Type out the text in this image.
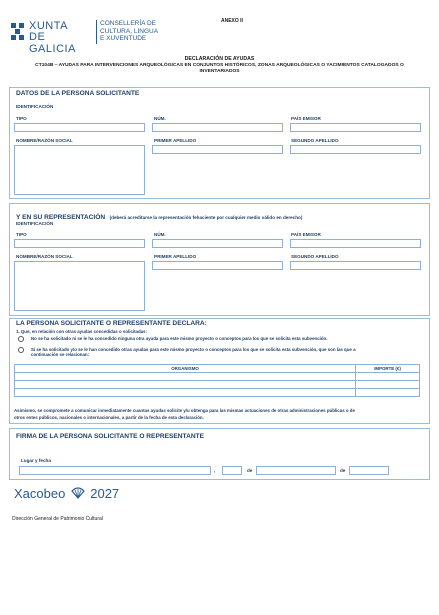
XUNTA
DE GALICIA
CONSELLERÍA DE
CULTURA, LINGUA
E XUVENTUDE
ANEXO II
DECLARACIÓN DE AYUDAS
CT104B – AYUDAS PARA INTERVENCIONES ARQUEOLÓGICAS EN CONJUNTOS HISTÓRICOS, ZONAS ARQUEOLÓGICAS O YACIMIENTOS CATALOGADOS O
INVENTARIADOS
DATOS DE LA PERSONA SOLICITANTE
IDENTIFICACIÓN
TIPO	NÚM.	PAÍS EMISOR
NOMBRE/RAZÓN SOCIAL	PRIMER APELLIDO	SEGUNDO APELLIDO
Y EN SU REPRESENTACIÓN (deberá acreditarse la representación fehaciente por cualquier medio válido en derecho)
IDENTIFICACIÓN
TIPO	NÚM.	PAÍS EMISOR
NOMBRE/RAZÓN SOCIAL	PRIMER APELLIDO	SEGUNDO APELLIDO
LA PERSONA SOLICITANTE O REPRESENTANTE DECLARA:
1. Que, en relación con otras ayudas concedidas o solicitadas:
No se ha solicitado ni se le ha concedido ninguna otra ayuda para este mismo proyecto o conceptos para los que se solicita esta subvención.
Sí se ha solicitado y/o se le han concedido otras ayudas para este mismo proyecto o conceptos para los que se solicita esta subvención, que son las que a
continuación se relacionan:
ORGANISMO	IMPORTE (€)

Asimismo, se compromete a comunicar inmediatamente cuantas ayudas solicite y/u obtenga para las mismas actuaciones de otras administraciones públicas o de
otros entes públicos, nacionales o internacionales, a partir de la fecha de esta declaración.
FIRMA DE LA PERSONA SOLICITANTE O REPRESENTANTE
Lugar y fecha
,	de	de
Xacobeo 2027
Dirección General de Patrimonio Cultural
